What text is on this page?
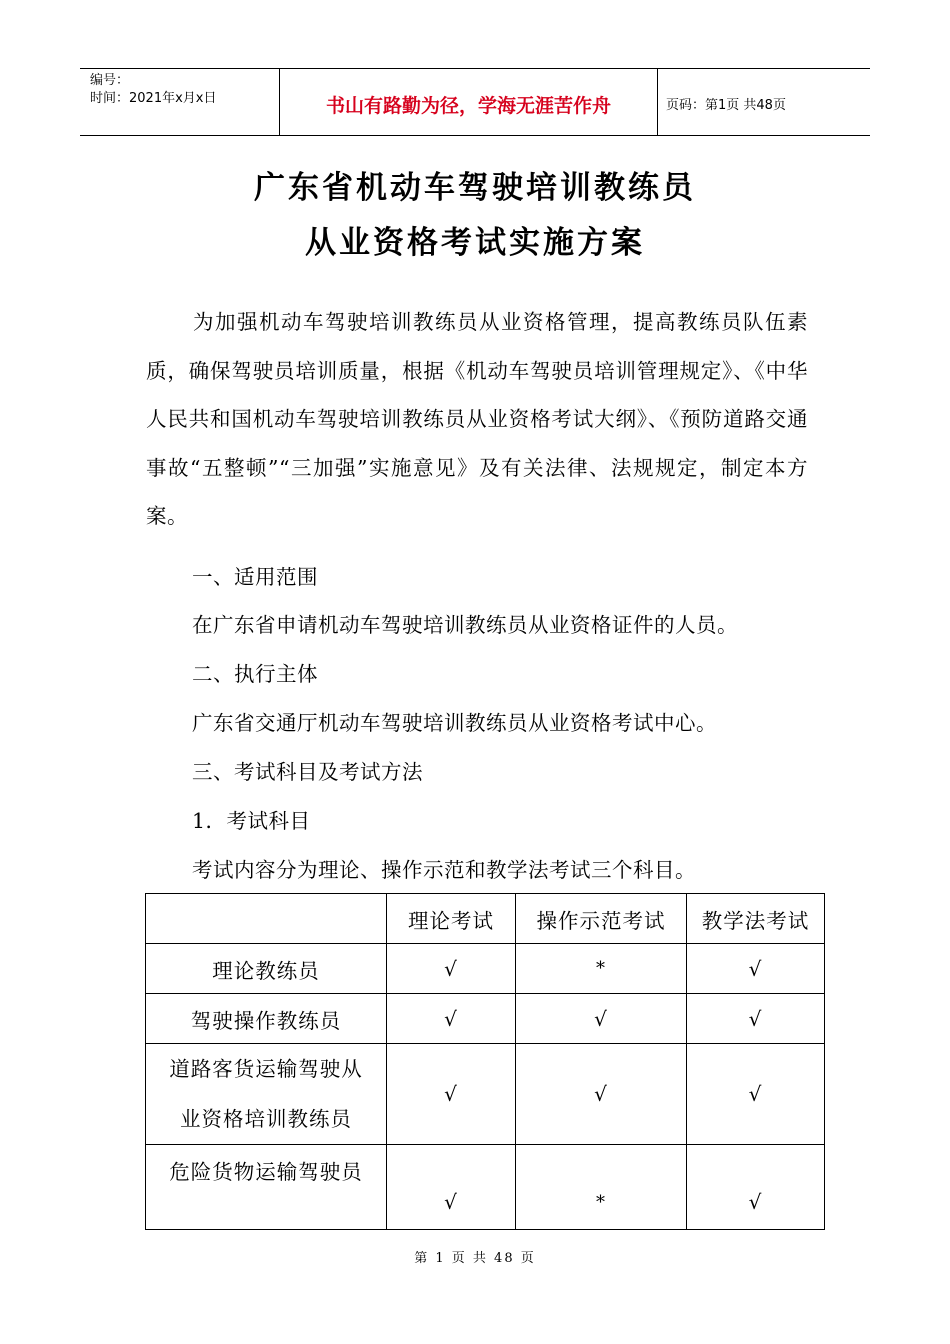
编号：
时间：2021年x月x日	书山有路勤为径，学海无涯苦作舟	页码：第1页 共48页
广东省机动车驾驶培训教练员
从业资格考试实施方案
为加强机动车驾驶培训教练员从业资格管理，提高教练员队伍素质，确保驾驶员培训质量，根据《机动车驾驶员培训管理规定》、《中华人民共和国机动车驾驶培训教练员从业资格考试大纲》、《预防道路交通事故“五整顿”“三加强”实施意见》及有关法律、法规规定，制定本方案。
一、适用范围
在广东省申请机动车驾驶培训教练员从业资格证件的人员。
二、执行主体
广东省交通厅机动车驾驶培训教练员从业资格考试中心。
三、考试科目及考试方法
1．考试科目
考试内容分为理论、操作示范和教学法考试三个科目。
	理论考试	操作示范考试	教学法考试
理论教练员	√	*	√
驾驶操作教练员	√	√	√

道路客货运输驾驶从
业资格培训教练员	√	√	√
危险货物运输驾驶员	√	*	√
第 1 页 共 48 页
